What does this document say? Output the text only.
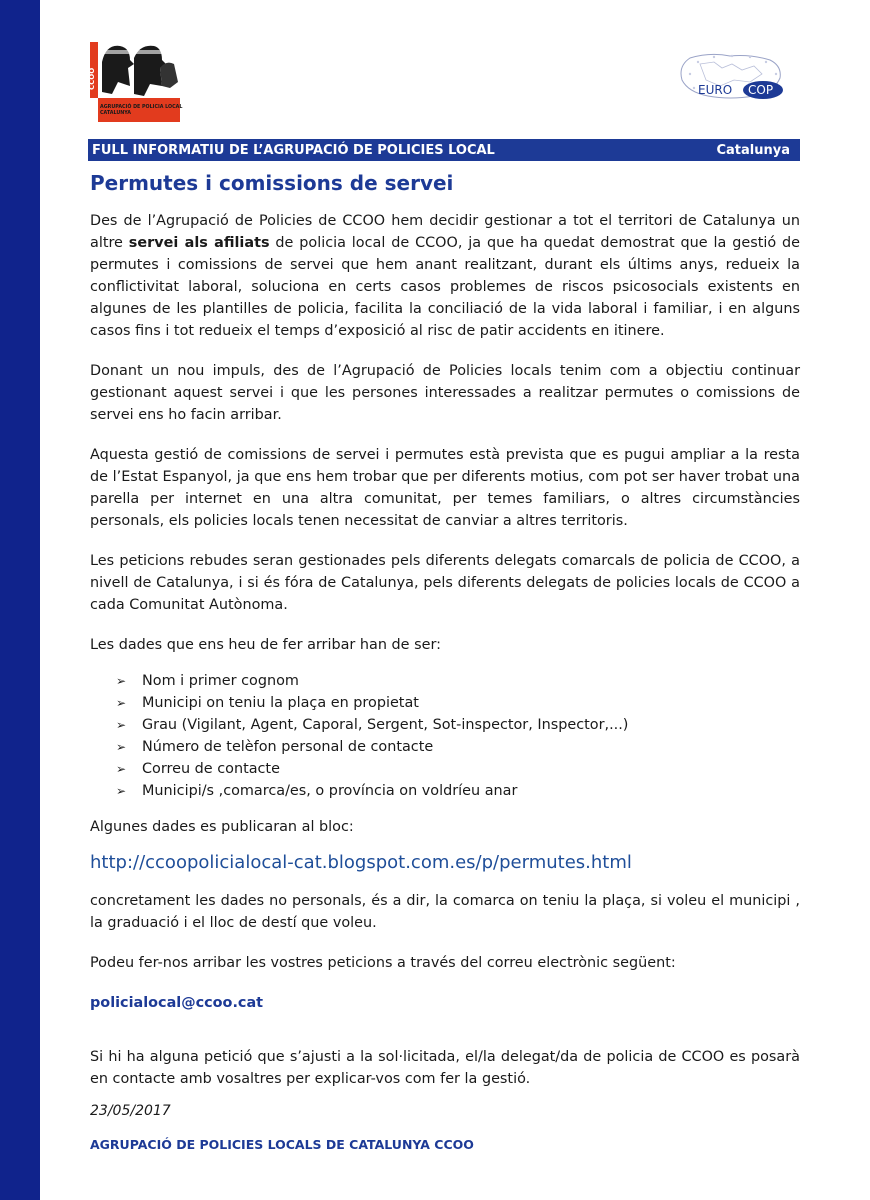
CCOO
AGRUPACIÓ DE POLICIA LOCAL
CATALUNYA
EURO COP
FULL INFORMATIU DE L’AGRUPACIÓ DE POLICIES LOCAL	Catalunya
Permutes i comissions de servei

Des de l’Agrupació de Policies de CCOO hem decidir gestionar a tot el territori de Catalunya un altre servei als afiliats de policia local de CCOO, ja que ha quedat demostrat que la gestió de permutes i comissions de servei que hem anant realitzant, durant els últims anys, redueix la conflictivitat laboral, soluciona en certs casos problemes de riscos psicosocials existents en algunes de les plantilles de policia, facilita la conciliació de la vida laboral i familiar, i en alguns casos fins i tot redueix el temps d’exposició al risc de patir accidents en itinere.

Donant un nou impuls, des de l’Agrupació de Policies locals tenim com a objectiu continuar gestionant aquest servei i que les persones interessades a realitzar permutes o comissions de servei ens ho facin arribar.

Aquesta gestió de comissions de servei i permutes està prevista que es pugui ampliar a la resta de l’Estat Espanyol, ja que ens hem trobar que per diferents motius, com pot ser haver trobat una parella per internet en una altra comunitat, per temes familiars, o altres circumstàncies personals, els policies locals tenen necessitat de canviar a altres territoris.

Les peticions rebudes seran gestionades pels diferents delegats comarcals de policia de CCOO, a nivell de Catalunya, i si és fóra de Catalunya, pels diferents delegats de policies locals de CCOO a cada Comunitat Autònoma.

Les dades que ens heu de fer arribar han de ser:

➢	Nom i primer cognom
➢	Municipi on teniu la plaça en propietat
➢	Grau (Vigilant, Agent, Caporal, Sergent, Sot-inspector, Inspector,...)
➢	Número de telèfon personal de contacte
➢	Correu de contacte
➢	Municipi/s ,comarca/es, o província on voldríeu anar

Algunes dades es publicaran al bloc:

http://ccoopolicialocal-cat.blogspot.com.es/p/permutes.html

concretament les dades no personals, és a dir, la comarca on teniu la plaça, si voleu el municipi , la graduació i el lloc de destí que voleu.

Podeu fer-nos arribar les vostres peticions a través del correu electrònic següent:

policialocal@ccoo.cat

Si hi ha alguna petició que s’ajusti a la sol·licitada, el/la delegat/da de policia de CCOO es posarà en contacte amb vosaltres per explicar-vos com fer la gestió.

23/05/2017
AGRUPACIÓ DE POLICIES LOCALS DE CATALUNYA CCOO
